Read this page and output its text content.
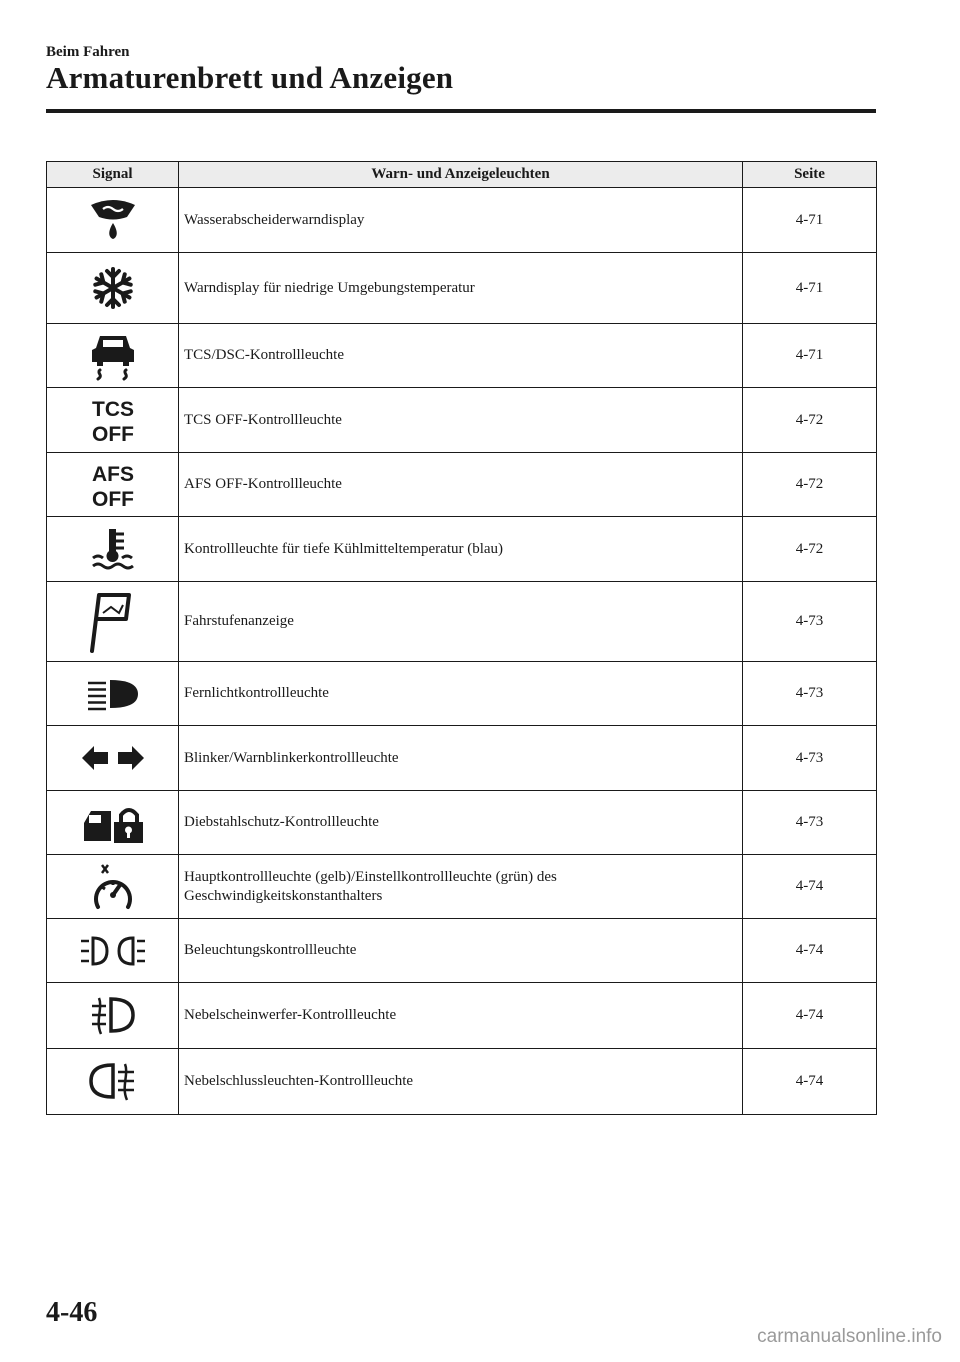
Beim Fahren
Armaturenbrett und Anzeigen
Signal	Warn- und Anzeigeleuchten	Seite

	Wasserabscheiderwarndisplay	4-71

	Warndisplay für niedrige Umgebungstemperatur	4-71

	TCS/DSC-Kontrollleuchte	4-71

TCS
OFF	TCS OFF-Kontrollleuchte	4-72

AFS
OFF	AFS OFF-Kontrollleuchte	4-72

	Kontrollleuchte für tiefe Kühlmitteltemperatur (blau)	4-72

	Fahrstufenanzeige	4-73

	Fernlichtkontrollleuchte	4-73

	Blinker/Warnblinkerkontrollleuchte	4-73

	Diebstahlschutz-Kontrollleuchte	4-73

	Hauptkontrollleuchte (gelb)/Einstellkontrollleuchte (grün) des Geschwindigkeitskonstanthalters	4-74

	Beleuchtungskontrollleuchte	4-74

	Nebelscheinwerfer-Kontrollleuchte	4-74

	Nebelschlussleuchten-Kontrollleuchte	4-74
4-46
carmanualsonline.info
